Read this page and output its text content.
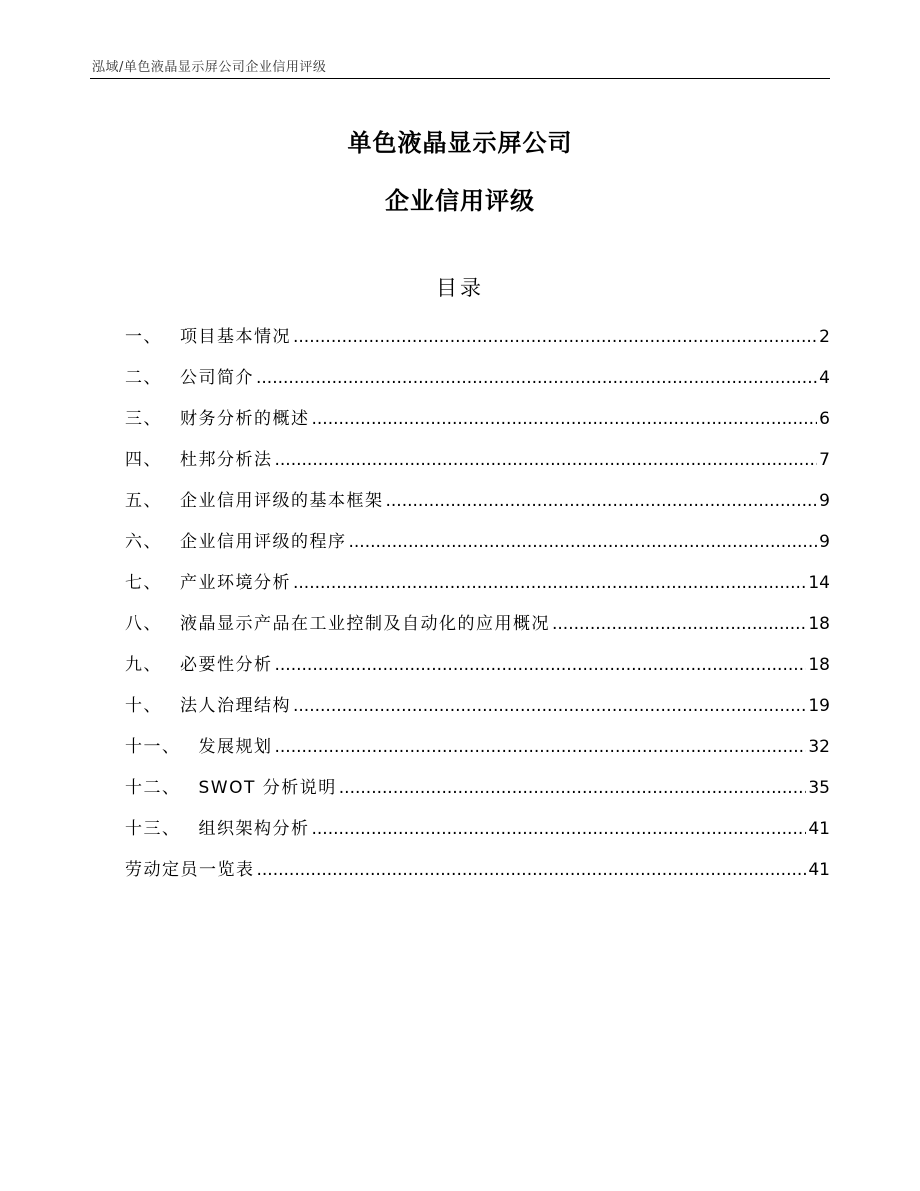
泓域/单色液晶显示屏公司企业信用评级
单色液晶显示屏公司
企业信用评级
目录
一、 项目基本情况 .....	2
二、 公司简介 .....	4
三、 财务分析的概述 .....	6
四、 杜邦分析法 .....	7
五、 企业信用评级的基本框架 .....	9
六、 企业信用评级的程序 .....	9
七、 产业环境分析 .....	14
八、 液晶显示产品在工业控制及自动化的应用概况 .....	18
九、 必要性分析 .....	18
十、 法人治理结构 .....	19
十一、 发展规划 .....	32
十二、 SWOT 分析说明 .....	35
十三、 组织架构分析 .....	41
劳动定员一览表 .....	41
